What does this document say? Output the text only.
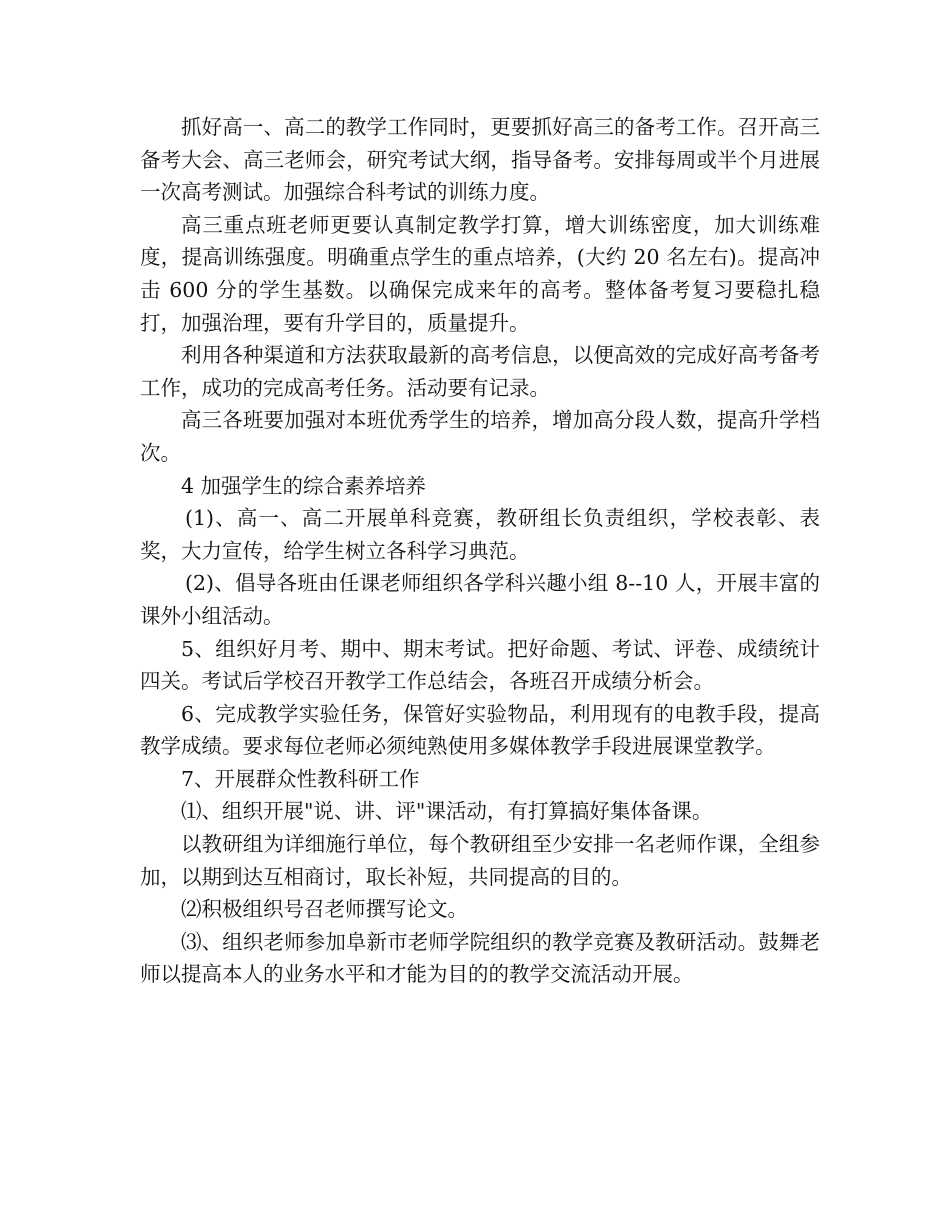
抓好高一、高二的教学工作同时，更要抓好高三的备考工作。召开高三备考大会、高三老师会，研究考试大纲，指导备考。安排每周或半个月进展一次高考测试。加强综合科考试的训练力度。

高三重点班老师更要认真制定教学打算，增大训练密度，加大训练难度，提高训练强度。明确重点学生的重点培养，(大约 20 名左右)。提高冲击 600 分的学生基数。以确保完成来年的高考。整体备考复习要稳扎稳打，加强治理，要有升学目的，质量提升。

利用各种渠道和方法获取最新的高考信息，以便高效的完成好高考备考工作，成功的完成高考任务。活动要有记录。

高三各班要加强对本班优秀学生的培养，增加高分段人数，提高升学档次。

4 加强学生的综合素养培养

(1)、高一、高二开展单科竞赛，教研组长负责组织，学校表彰、表奖，大力宣传，给学生树立各科学习典范。

(2)、倡导各班由任课老师组织各学科兴趣小组 8--10 人，开展丰富的课外小组活动。

5、组织好月考、期中、期末考试。把好命题、考试、评卷、成绩统计四关。考试后学校召开教学工作总结会，各班召开成绩分析会。

6、完成教学实验任务，保管好实验物品，利用现有的电教手段，提高教学成绩。要求每位老师必须纯熟使用多媒体教学手段进展课堂教学。

7、开展群众性教科研工作

⑴、组织开展"说、讲、评"课活动，有打算搞好集体备课。

以教研组为详细施行单位，每个教研组至少安排一名老师作课，全组参加，以期到达互相商讨，取长补短，共同提高的目的。

⑵积极组织号召老师撰写论文。

⑶、组织老师参加阜新市老师学院组织的教学竞赛及教研活动。鼓舞老师以提高本人的业务水平和才能为目的的教学交流活动开展。
